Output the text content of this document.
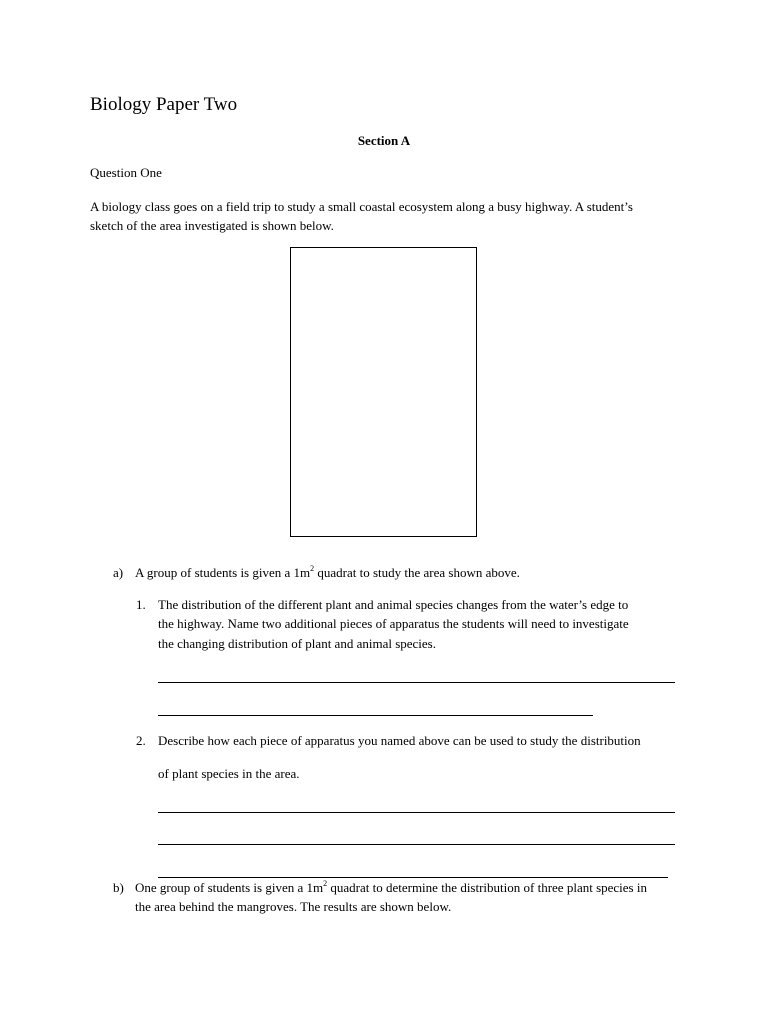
Biology Paper Two
Section A
Question One
A biology class goes on a field trip to study a small coastal ecosystem along a busy highway. A student’s
sketch of the area investigated is shown below.
a) A group of students is given a $1m^2$ quadrat to study the area shown above.
1. The distribution of the different plant and animal species changes from the water’s edge to
the highway. Name two additional pieces of apparatus the students will need to investigate
the changing distribution of plant and animal species.
2. Describe how each piece of apparatus you named above can be used to study the distribution
of plant species in the area.
b) One group of students is given a $1m^2$ quadrat to determine the distribution of three plant species in
the area behind the mangroves. The results are shown below.
